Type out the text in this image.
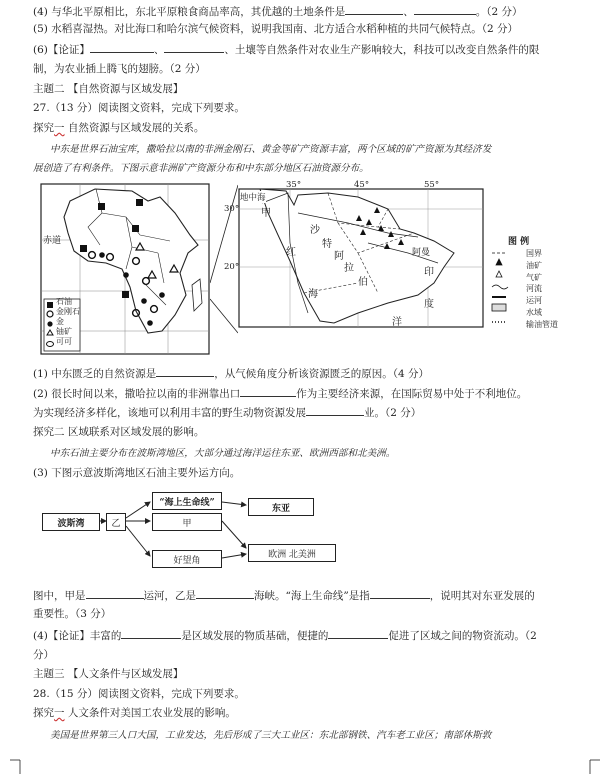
(4) 与华北平原相比，东北平原粮食商品率高，其优越的土地条件是	、	。（2 分）
(5) 水稻喜湿热。对比海口和哈尔滨气候资料，说明我国南、北方适合水稻种植的共同气候特点。（2 分）
(6)【论证】	、	、土壤等自然条件对农业生产影响较大，科技可以改变自然条件的限
制，为农业插上腾飞的翅膀。（2 分）
主题二 【自然资源与区域发展】
27.（13 分）阅读图文资料，完成下列要求。
探究一 自然资源与区域发展的关系。
中东是世界石油宝库，撒哈拉以南的非洲金刚石、黄金等矿产资源丰富，两个区域的矿产资源为其经济发
展创造了有利条件。下图示意非洲矿产资源分布和中东部分地区石油资源分布。
赤道
石油
金刚石
金
铀矿
可可
35°	45°	55°
30°
20°
地中海
甲
沙
特
阿
拉
伯
海
红	阿曼
印
度
洋
图 例
国界
油矿
气矿
河流
运河
水域
输油管道
(1) 中东匮乏的自然资源是	，从气候角度分析该资源匮乏的原因。（4 分）
(2) 很长时间以来，撒哈拉以南的非洲靠出口	作为主要经济来源，在国际贸易中处于不利地位。
为实现经济多样化，该地可以利用丰富的野生动物资源发展	业。（2 分）
探究二 区域联系对区域发展的影响。
中东石油主要分布在波斯湾地区，大部分通过海洋运往东亚、欧洲西部和北美洲。
(3) 下图示意波斯湾地区石油主要外运方向。
波斯湾	乙
“海上生命线”
甲
好望角
东亚
欧洲 北美洲
图中，甲是	运河，乙是	海峡。“海上生命线”是指	，说明其对东亚发展的
重要性。（3 分）
(4)【论证】丰富的	是区域发展的物质基础，便捷的	促进了区域之间的物资流动。（2
分）
主题三 【人文条件与区域发展】
28.（15 分）阅读图文资料，完成下列要求。
探究一 人文条件对美国工农业发展的影响。
美国是世界第三人口大国，工业发达，先后形成了三大工业区：东北部钢铁、汽车老工业区；南部休斯敦
